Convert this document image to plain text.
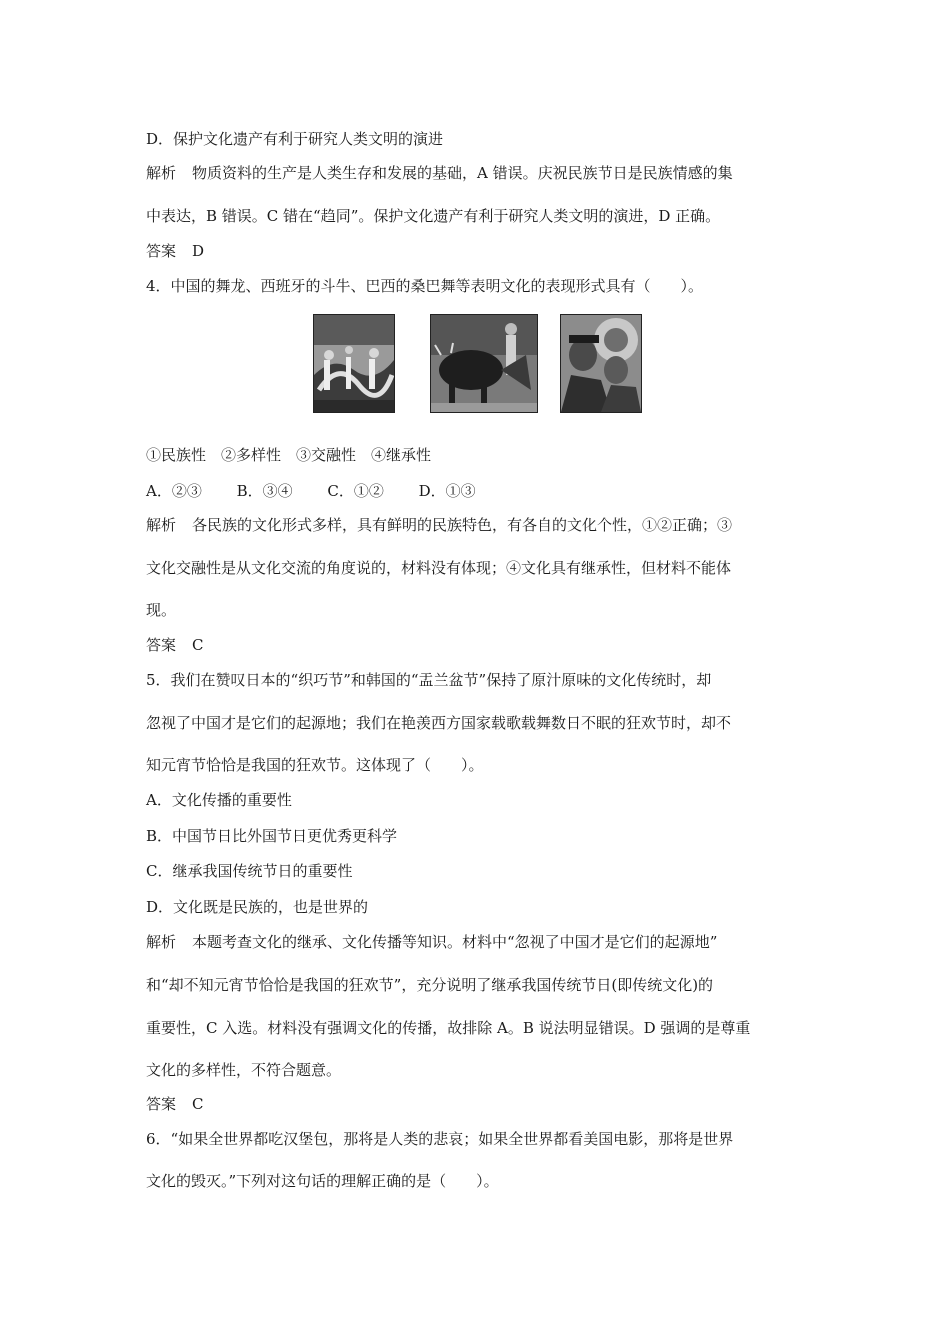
D．保护文化遗产有利于研究人类文明的演进
解析 物质资料的生产是人类生存和发展的基础，A 错误。庆祝民族节日是民族情感的集
中表达，B 错误。C 错在“趋同”。保护文化遗产有利于研究人类文明的演进，D 正确。
答案 D
4．中国的舞龙、西班牙的斗牛、巴西的桑巴舞等表明文化的表现形式具有（　　）。
①民族性　②多样性　③交融性　④继承性
A．②③　　 B．③④　　 C．①②　　 D．①③
解析 各民族的文化形式多样，具有鲜明的民族特色，有各自的文化个性，①②正确；③
文化交融性是从文化交流的角度说的，材料没有体现；④文化具有继承性，但材料不能体
现。
答案 C
5．我们在赞叹日本的“织巧节”和韩国的“盂兰盆节”保持了原汁原味的文化传统时，却
忽视了中国才是它们的起源地；我们在艳羡西方国家载歌载舞数日不眠的狂欢节时，却不
知元宵节恰恰是我国的狂欢节。这体现了（　　）。
A．文化传播的重要性
B．中国节日比外国节日更优秀更科学
C．继承我国传统节日的重要性
D．文化既是民族的，也是世界的
解析 本题考查文化的继承、文化传播等知识。材料中“忽视了中国才是它们的起源地”
和“却不知元宵节恰恰是我国的狂欢节”，充分说明了继承我国传统节日(即传统文化)的
重要性，C 入选。材料没有强调文化的传播，故排除 A。B 说法明显错误。D 强调的是尊重
文化的多样性，不符合题意。
答案 C
6．“如果全世界都吃汉堡包，那将是人类的悲哀；如果全世界都看美国电影，那将是世界
文化的毁灭。”下列对这句话的理解正确的是（　　）。
